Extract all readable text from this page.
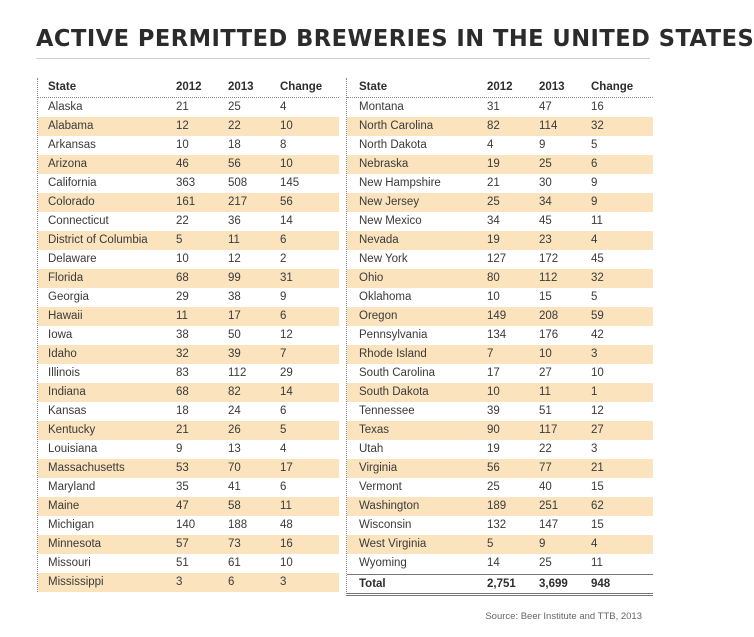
ACTIVE PERMITTED BREWERIES IN THE UNITED STATES
State	2012 2013 Change
Alaska	21	25	4
Alabama	12	22	10
Arkansas	10	18	8
Arizona	46	56	10
California	363	508	145
Colorado	161	217	56
Connecticut	22	36	14
District of Columbia 5	11	6
Delaware	10	12	2
Florida	68	99	31
Georgia	29	38	9
Hawaii	11	17	6
Iowa	38	50	12
Idaho	32	39	7
Illinois	83	112	29
Indiana	68	82	14
Kansas	18	24	6
Kentucky	21	26	5
Louisiana	9	13	4
Massachusetts	53	70	17
Maryland	35	41	6
Maine	47	58	11
Michigan	140	188	48
Minnesota	57	73	16
Missouri	51	61	10
Mississippi	3	6	3
State	2012 2013 Change
Montana	31	47	16
North Carolina	82	114	32
North Dakota	4	9	5
Nebraska	19	25	6
New Hampshire	21	30	9
New Jersey	25	34	9
New Mexico	34	45	11
Nevada	19	23	4
New York	127	172	45
Ohio	80	112	32
Oklahoma	10	15	5
Oregon	149	208	59
Pennsylvania	134	176	42
Rhode Island	7	10	3
South Carolina	17	27	10
South Dakota	10	11	1
Tennessee	39	51	12
Texas	90	117	27
Utah	19	22	3
Virginia	56	77	21
Vermont	25	40	15
Washington	189	251	62
Wisconsin	132	147	15
West Virginia	5	9	4
Wyoming	14	25	11
Total	2,751 3,699 948
Source: Beer Institute and TTB, 2013
